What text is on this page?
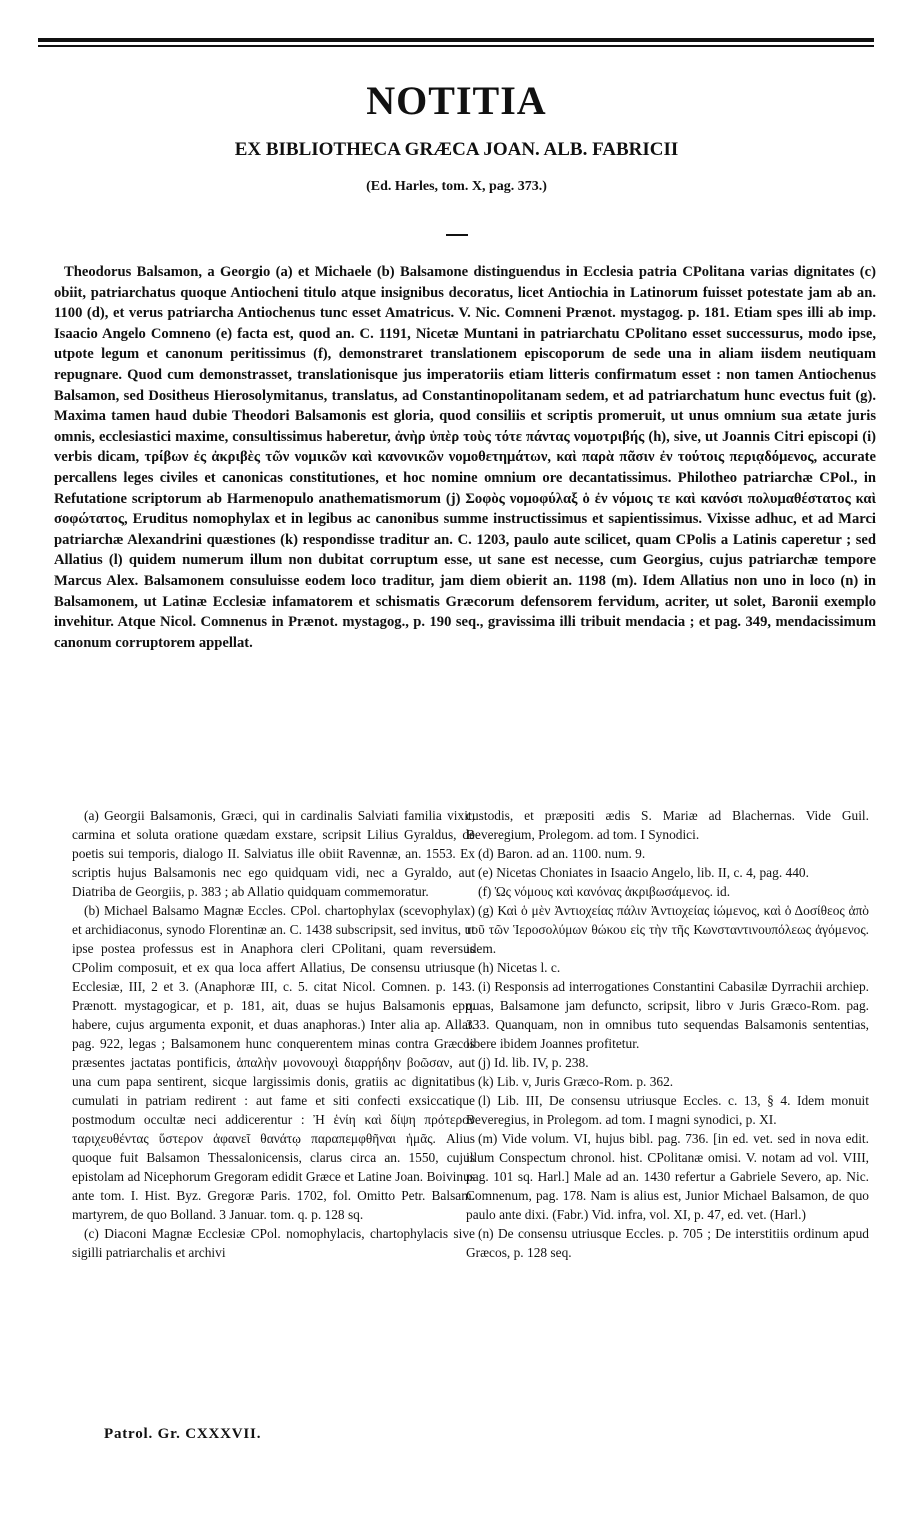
NOTITIA
EX BIBLIOTHECA GRÆCA JOAN. ALB. FABRICII
(Ed. Harles, tom. X, pag. 373.)

Theodorus Balsamon, a Georgio (a) et Michaele (b) Balsamone distinguendus in Ecclesia patria CPolitana varias dignitates (c) obiit, patriarchatus quoque Antiocheni titulo atque insignibus decoratus, licet Antiochia in Latinorum fuisset potestate jam ab an. 1100 (d), et verus patriarcha Antiochenus tunc esset Amatricus. V. Nic. Comneni Prænot. mystagog. p. 181. Etiam spes illi ab imp. Isaacio Angelo Comneno (e) facta est, quod an. C. 1191, Nicetæ Muntani in patriarchatu CPolitano esset successurus, modo ipse, utpote legum et canonum peritissimus (f), demonstraret translationem episcoporum de sede una in aliam iisdem neutiquam repugnare. Quod cum demonstrasset, translationisque jus imperatoriis etiam litteris confirmatum esset : non tamen Antiochenus Balsamon, sed Dositheus Hierosolymitanus, translatus, ad Constantinopolitanam sedem, et ad patriarchatum hunc evectus fuit (g). Maxima tamen haud dubie Theodori Balsamonis est gloria, quod consiliis et scriptis promeruit, ut unus omnium sua ætate juris omnis, ecclesiastici maxime, consultissimus haberetur, ἀνὴρ ὑπὲρ τοὺς τότε πάντας νομοτριβής (h), sive, ut Joannis Citri episcopi (i) verbis dicam, τρίβων ἐς ἀκριβὲς τῶν νομικῶν καὶ κανονικῶν νομοθετημάτων, καὶ παρὰ πᾶσιν ἐν τούτοις περιᾳδόμενος, accurate percallens leges civiles et canonicas constitutiones, et hoc nomine omnium ore decantatissimus. Philotheo patriarchæ CPol., in Refutatione scriptorum ab Harmenopulo anathematismorum (j) Σοφὸς νομοφύλαξ ὁ ἐν νόμοις τε καὶ κανόσι πολυμαθέστατος καὶ σοφώτατος, Eruditus nomophylax et in legibus ac canonibus summe instructissimus et sapientissimus. Vixisse adhuc, et ad Marci patriarchæ Alexandrini quæstiones (k) respondisse traditur an. C. 1203, paulo aute scilicet, quam CPolis a Latinis caperetur ; sed Allatius (l) quidem numerum illum non dubitat corruptum esse, ut sane est necesse, cum Georgius, cujus patriarchæ tempore Marcus Alex. Balsamonem consuluisse eodem loco traditur, jam diem obierit an. 1198 (m). Idem Allatius non uno in loco (n) in Balsamonem, ut Latinæ Ecclesiæ infamatorem et schismatis Græcorum defensorem fervidum, acriter, ut solet, Baronii exemplo invehitur. Atque Nicol. Comnenus in Prænot. mystagog., p. 190 seq., gravissima illi tribuit mendacia ; et pag. 349, mendacissimum canonum corruptorem appellat.

(a) Georgii Balsamonis, Græci, qui in cardinalis Salviati familia vixit, carmina et soluta oratione quædam exstare, scripsit Lilius Gyraldus, de poetis sui temporis, dialogo II. Salviatus ille obiit Ravennæ, an. 1553. Ex scriptis hujus Balsamonis nec ego quidquam vidi, nec a Gyraldo, aut Diatriba de Georgiis, p. 383 ; ab Allatio quidquam commemoratur.

(b) Michael Balsamo Magnæ Eccles. CPol. chartophylax (scevophylax) et archidiaconus, synodo Florentinæ an. C. 1438 subscripsit, sed invitus, ut ipse postea professus est in Anaphora cleri CPolitani, quam reversus CPolim composuit, et ex qua loca affert Allatius, De consensu utriusque Ecclesiæ, III, 2 et 3. (Anaphoræ III, c. 5. citat Nicol. Comnen. p. 143. Prænott. mystagogicar, et p. 181, ait, duas se hujus Balsamonis epp. habere, cujus argumenta exponit, et duas anaphoras.) Inter alia ap. Allat. pag. 922, legas ; Balsamonem hunc conquerentem minas contra Græcos præsentes jactatas pontificis, ἁπαλὴν μονονουχὶ διαρρήδην βοῶσαν, aut una cum papa sentirent, sicque largissimis donis, gratiis ac dignitatibus cumulati in patriam redirent : aut fame et siti confecti exsiccatique postmodum occultæ neci addicerentur : Ἠ ἑνίη καὶ δίψη πρότερον ταριχευθέντας ὕστερον ἀφανεῖ θανάτῳ παραπεμφθῆναι ἡμᾶς. Alius quoque fuit Balsamon Thessalonicensis, clarus circa an. 1550, cujus epistolam ad Nicephorum Gregoram edidit Græce et Latine Joan. Boivinus ante tom. I. Hist. Byz. Gregoræ Paris. 1702, fol. Omitto Petr. Balsam. martyrem, de quo Bolland. 3 Januar. tom. q. p. 128 sq.

(c) Diaconi Magnæ Ecclesiæ CPol. nomophylacis, chartophylacis sive sigilli patriarchalis et archivi

custodis, et præpositi ædis S. Mariæ ad Blachernas. Vide Guil. Beveregium, Prolegom. ad tom. I Synodici.

(d) Baron. ad an. 1100. num. 9.

(e) Nicetas Choniates in Isaacio Angelo, lib. II, c. 4, pag. 440.

(f) Ὡς νόμους καὶ κανόνας ἀκριβωσάμενος. id.

(g) Καὶ ὁ μὲν Ἀντιοχείας πάλιν Ἀντιοχείας ἰώμενος, καὶ ὁ Δοσίθεος ἀπὸ τοῦ τῶν Ἱεροσολύμων θώκου εἰς τὴν τῆς Κωνσταντινουπόλεως ἀγόμενος. idem.

(h) Nicetas l. c.

(i) Responsis ad interrogationes Constantini Cabasilæ Dyrrachii archiep. quas, Balsamone jam defuncto, scripsit, libro v Juris Græco-Rom. pag. 333. Quanquam, non in omnibus tuto sequendas Balsamonis sententias, libere ibidem Joannes profitetur.

(j) Id. lib. IV, p. 238.

(k) Lib. v, Juris Græco-Rom. p. 362.

(l) Lib. III, De consensu utriusque Eccles. c. 13, § 4. Idem monuit Beveregius, in Prolegom. ad tom. I magni synodici, p. XI.

(m) Vide volum. VI, hujus bibl. pag. 736. [in ed. vet. sed in nova edit. illum Conspectum chronol. hist. CPolitanæ omisi. V. notam ad vol. VIII, pag. 101 sq. Harl.] Male ad an. 1430 refertur a Gabriele Severo, ap. Nic. Comnenum, pag. 178. Nam is alius est, Junior Michael Balsamon, de quo paulo ante dixi. (Fabr.) Vid. infra, vol. XI, p. 47, ed. vet. (Harl.)

(n) De consensu utriusque Eccles. p. 705 ; De interstitiis ordinum apud Græcos, p. 128 seq.

Patrol. Gr. CXXXVII.
